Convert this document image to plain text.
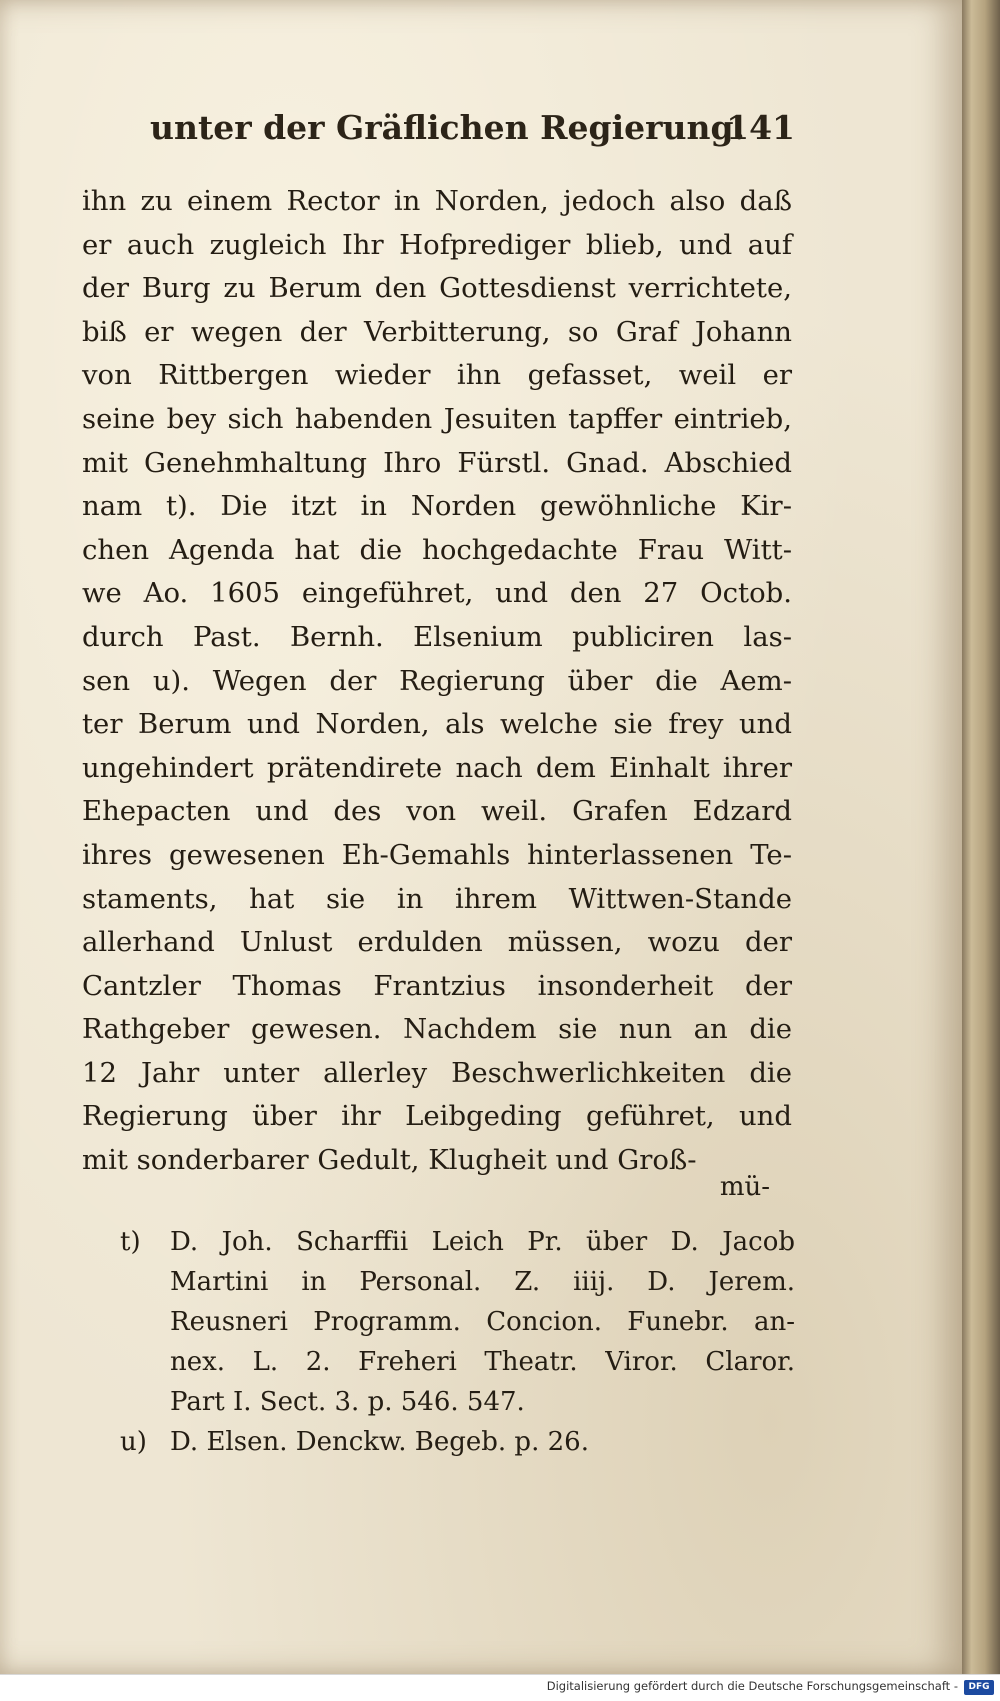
unter der Gräflichen Regierung.
141
ihn zu einem Rector in Norden, jedoch also daß
er auch zugleich Ihr Hofprediger blieb, und auf
der Burg zu Berum den Gottesdienst verrichtete,
biß er wegen der Verbitterung, so Graf Johann
von Rittbergen wieder ihn gefasset, weil er
seine bey sich habenden Jesuiten tapffer eintrieb,
mit Genehmhaltung Ihro Fürstl. Gnad. Abschied
nam t). Die itzt in Norden gewöhnliche Kir-
chen Agenda hat die hochgedachte Frau Witt-
we Ao. 1605 eingeführet, und den 27 Octob.
durch Past. Bernh. Elsenium publiciren las-
sen u). Wegen der Regierung über die Aem-
ter Berum und Norden, als welche sie frey und
ungehindert prätendirete nach dem Einhalt ihrer
Ehepacten und des von weil. Grafen Edzard
ihres gewesenen Eh-Gemahls hinterlassenen Te-
staments, hat sie in ihrem Wittwen-Stande
allerhand Unlust erdulden müssen, wozu der
Cantzler Thomas Frantzius insonderheit der
Rathgeber gewesen. Nachdem sie nun an die
12 Jahr unter allerley Beschwerlichkeiten die
Regierung über ihr Leibgeding geführet, und
mit sonderbarer Gedult, Klugheit und Groß-
mü-
t)	D. Joh. Scharffii Leich Pr. über D. Jacob
Martini in Personal. Z. iiij. D. Jerem.
Reusneri Programm. Concion. Funebr. an-
nex. L. 2. Freheri Theatr. Viror. Claror.
Part I. Sect. 3. p. 546. 547.
u) D. Elsen. Denckw. Begeb. p. 26.
Digitalisierung gefördert durch die Deutsche Forschungsgemeinschaft -	DFG
